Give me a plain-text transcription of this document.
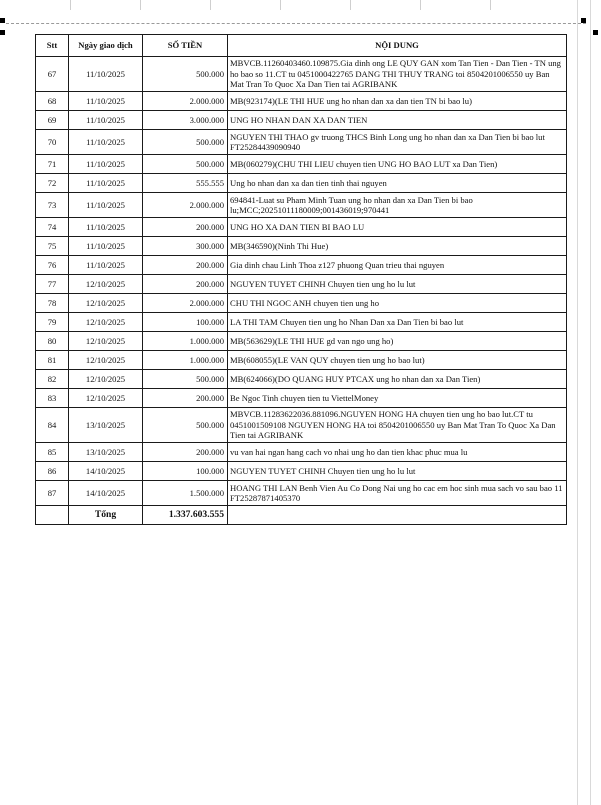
Stt	Ngày giao dịch	SỐ TIỀN	NỘI DUNG
67	11/10/2025	500.000	MBVCB.11260403460.109875.Gia dinh ong LE QUY GAN xom Tan Tien - Dan Tien - TN ung ho bao so 11.CT tu 0451000422765 DANG THI THUY TRANG toi 8504201006550 uy Ban Mat Tran To Quoc Xa Dan Tien tai AGRIBANK
68	11/10/2025	2.000.000	MB(923174)(LE THI HUE ung ho nhan dan xa dan tien TN bi bao lu)
69	11/10/2025	3.000.000	UNG HO NHAN DAN XA DAN TIEN
70	11/10/2025	500.000	NGUYEN THI THAO gv truong THCS Binh Long ung ho nhan dan xa Dan Tien bi bao lut FT25284439090940
71	11/10/2025	500.000	MB(060279)(CHU THI LIEU chuyen tien UNG HO BAO LUT xa Dan Tien)
72	11/10/2025	555.555	Ung ho nhan dan xa dan tien tinh thai nguyen
73	11/10/2025	2.000.000	694841-Luat su Pham Minh Tuan ung ho nhan dan xa Dan Tien bi bao lu;MCC;20251011180009;001436019;970441
74	11/10/2025	200.000	UNG HO XA DAN TIEN BI BAO LU
75	11/10/2025	300.000	MB(346590)(Ninh Thi Hue)
76	11/10/2025	200.000	Gia dinh chau Linh Thoa z127 phuong Quan trieu thai nguyen
77	12/10/2025	200.000	NGUYEN TUYET CHINH Chuyen tien ung ho lu lut
78	12/10/2025	2.000.000	CHU THI NGOC ANH chuyen tien ung ho
79	12/10/2025	100.000	LA THI TAM Chuyen tien ung ho Nhan Dan xa Dan Tien bi bao lut
80	12/10/2025	1.000.000	MB(563629)(LE THI HUE gd van ngo ung ho)
81	12/10/2025	1.000.000	MB(608055)(LE VAN QUY chuyen tien ung ho bao lut)
82	12/10/2025	500.000	MB(624066)(DO QUANG HUY PTCAX ung ho nhan dan xa Dan Tien)
83	12/10/2025	200.000	Be Ngoc Tinh chuyen tien tu ViettelMoney
84	13/10/2025	500.000	MBVCB.11283622036.881096.NGUYEN HONG HA chuyen tien ung ho bao lut.CT tu 0451001509108 NGUYEN HONG HA toi 8504201006550 uy Ban Mat Tran To Quoc Xa Dan Tien tai AGRIBANK
85	13/10/2025	200.000	vu van hai ngan hang cach vo nhai ung ho dan tien khac phuc mua lu
86	14/10/2025	100.000	NGUYEN TUYET CHINH Chuyen tien ung ho lu lut
87	14/10/2025	1.500.000	HOANG THI LAN Benh Vien Au Co Dong Nai ung ho cac em hoc sinh mua sach vo sau bao 11 FT25287871405370
	Tổng	1.337.603.555	
